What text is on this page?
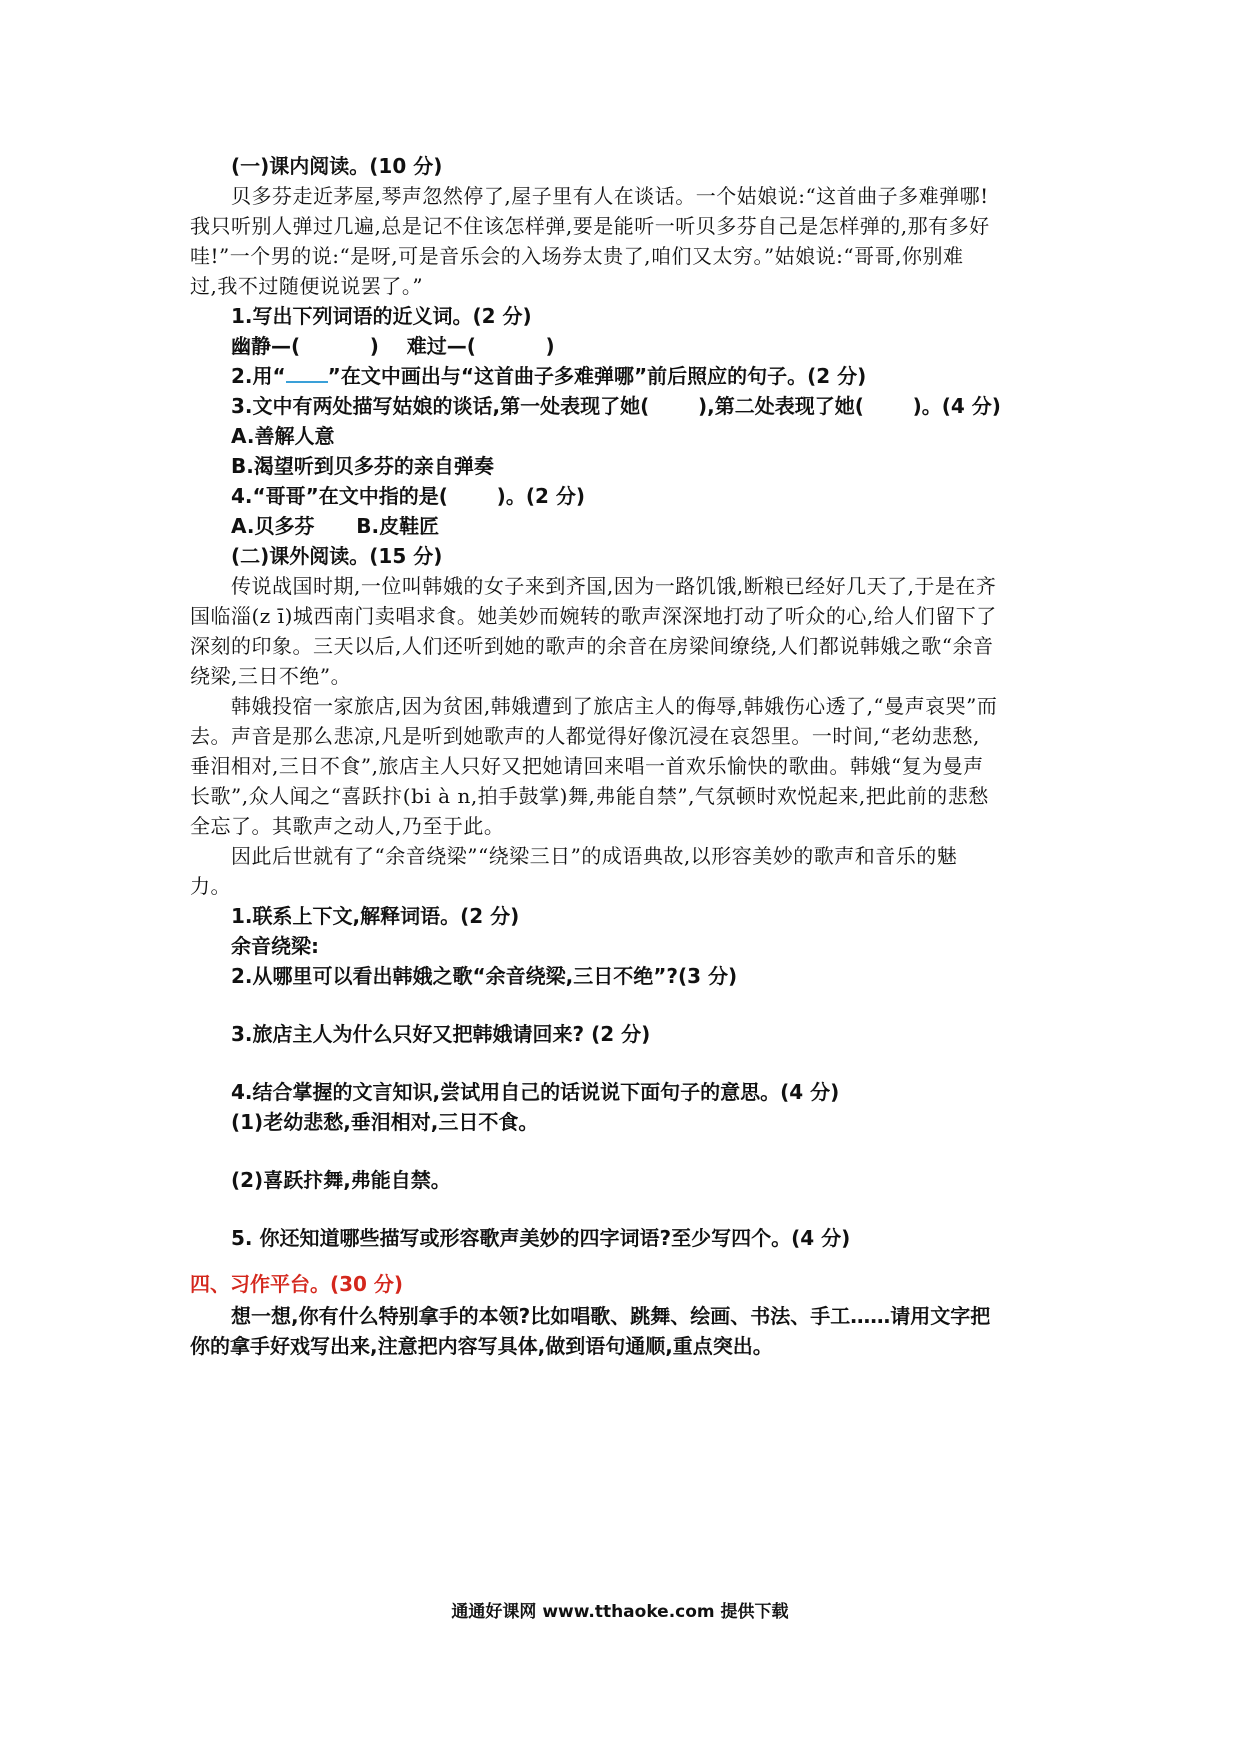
(一)课内阅读。(10 分)
贝多芬走近茅屋,琴声忽然停了,屋子里有人在谈话。一个姑娘说:“这首曲子多难弹哪!
我只听别人弹过几遍,总是记不住该怎样弹,要是能听一听贝多芬自己是怎样弹的,那有多好
哇!”一个男的说:“是呀,可是音乐会的入场券太贵了,咱们又太穷。”姑娘说:“哥哥,你别难
过,我不过随便说说罢了。”
1.写出下列词语的近义词。(2 分)
幽静—(          )    难过—(          )
2.用“ ”在文中画出与“这首曲子多难弹哪”前后照应的句子。(2 分)
3.文中有两处描写姑娘的谈话,第一处表现了她(       ),第二处表现了她(       )。(4 分)
A.善解人意
B.渴望听到贝多芬的亲自弹奏
4.“哥哥”在文中指的是(       )。(2 分)
A.贝多芬      B.皮鞋匠
(二)课外阅读。(15 分)
传说战国时期,一位叫韩娥的女子来到齐国,因为一路饥饿,断粮已经好几天了,于是在齐
国临淄(z ī)城西南门卖唱求食。她美妙而婉转的歌声深深地打动了听众的心,给人们留下了
深刻的印象。三天以后,人们还听到她的歌声的余音在房梁间缭绕,人们都说韩娥之歌“余音
绕梁,三日不绝”。
韩娥投宿一家旅店,因为贫困,韩娥遭到了旅店主人的侮辱,韩娥伤心透了,“曼声哀哭”而
去。声音是那么悲凉,凡是听到她歌声的人都觉得好像沉浸在哀怨里。一时间,“老幼悲愁,
垂泪相对,三日不食”,旅店主人只好又把她请回来唱一首欢乐愉快的歌曲。韩娥“复为曼声
长歌”,众人闻之“喜跃抃(bi à n,拍手鼓掌)舞,弗能自禁”,气氛顿时欢悦起来,把此前的悲愁
全忘了。其歌声之动人,乃至于此。
因此后世就有了“余音绕梁”“绕梁三日”的成语典故,以形容美妙的歌声和音乐的魅
力。
1.联系上下文,解释词语。(2 分)
余音绕梁:
2.从哪里可以看出韩娥之歌“余音绕梁,三日不绝”?(3 分)
3.旅店主人为什么只好又把韩娥请回来? (2 分)
4.结合掌握的文言知识,尝试用自己的话说说下面句子的意思。(4 分)
(1)老幼悲愁,垂泪相对,三日不食。
(2)喜跃抃舞,弗能自禁。
5. 你还知道哪些描写或形容歌声美妙的四字词语?至少写四个。(4 分)
四、习作平台。(30 分)
想一想,你有什么特别拿手的本领?比如唱歌、跳舞、绘画、书法、手工……请用文字把
你的拿手好戏写出来,注意把内容写具体,做到语句通顺,重点突出。
通通好课网 www.tthaoke.com 提供下载
